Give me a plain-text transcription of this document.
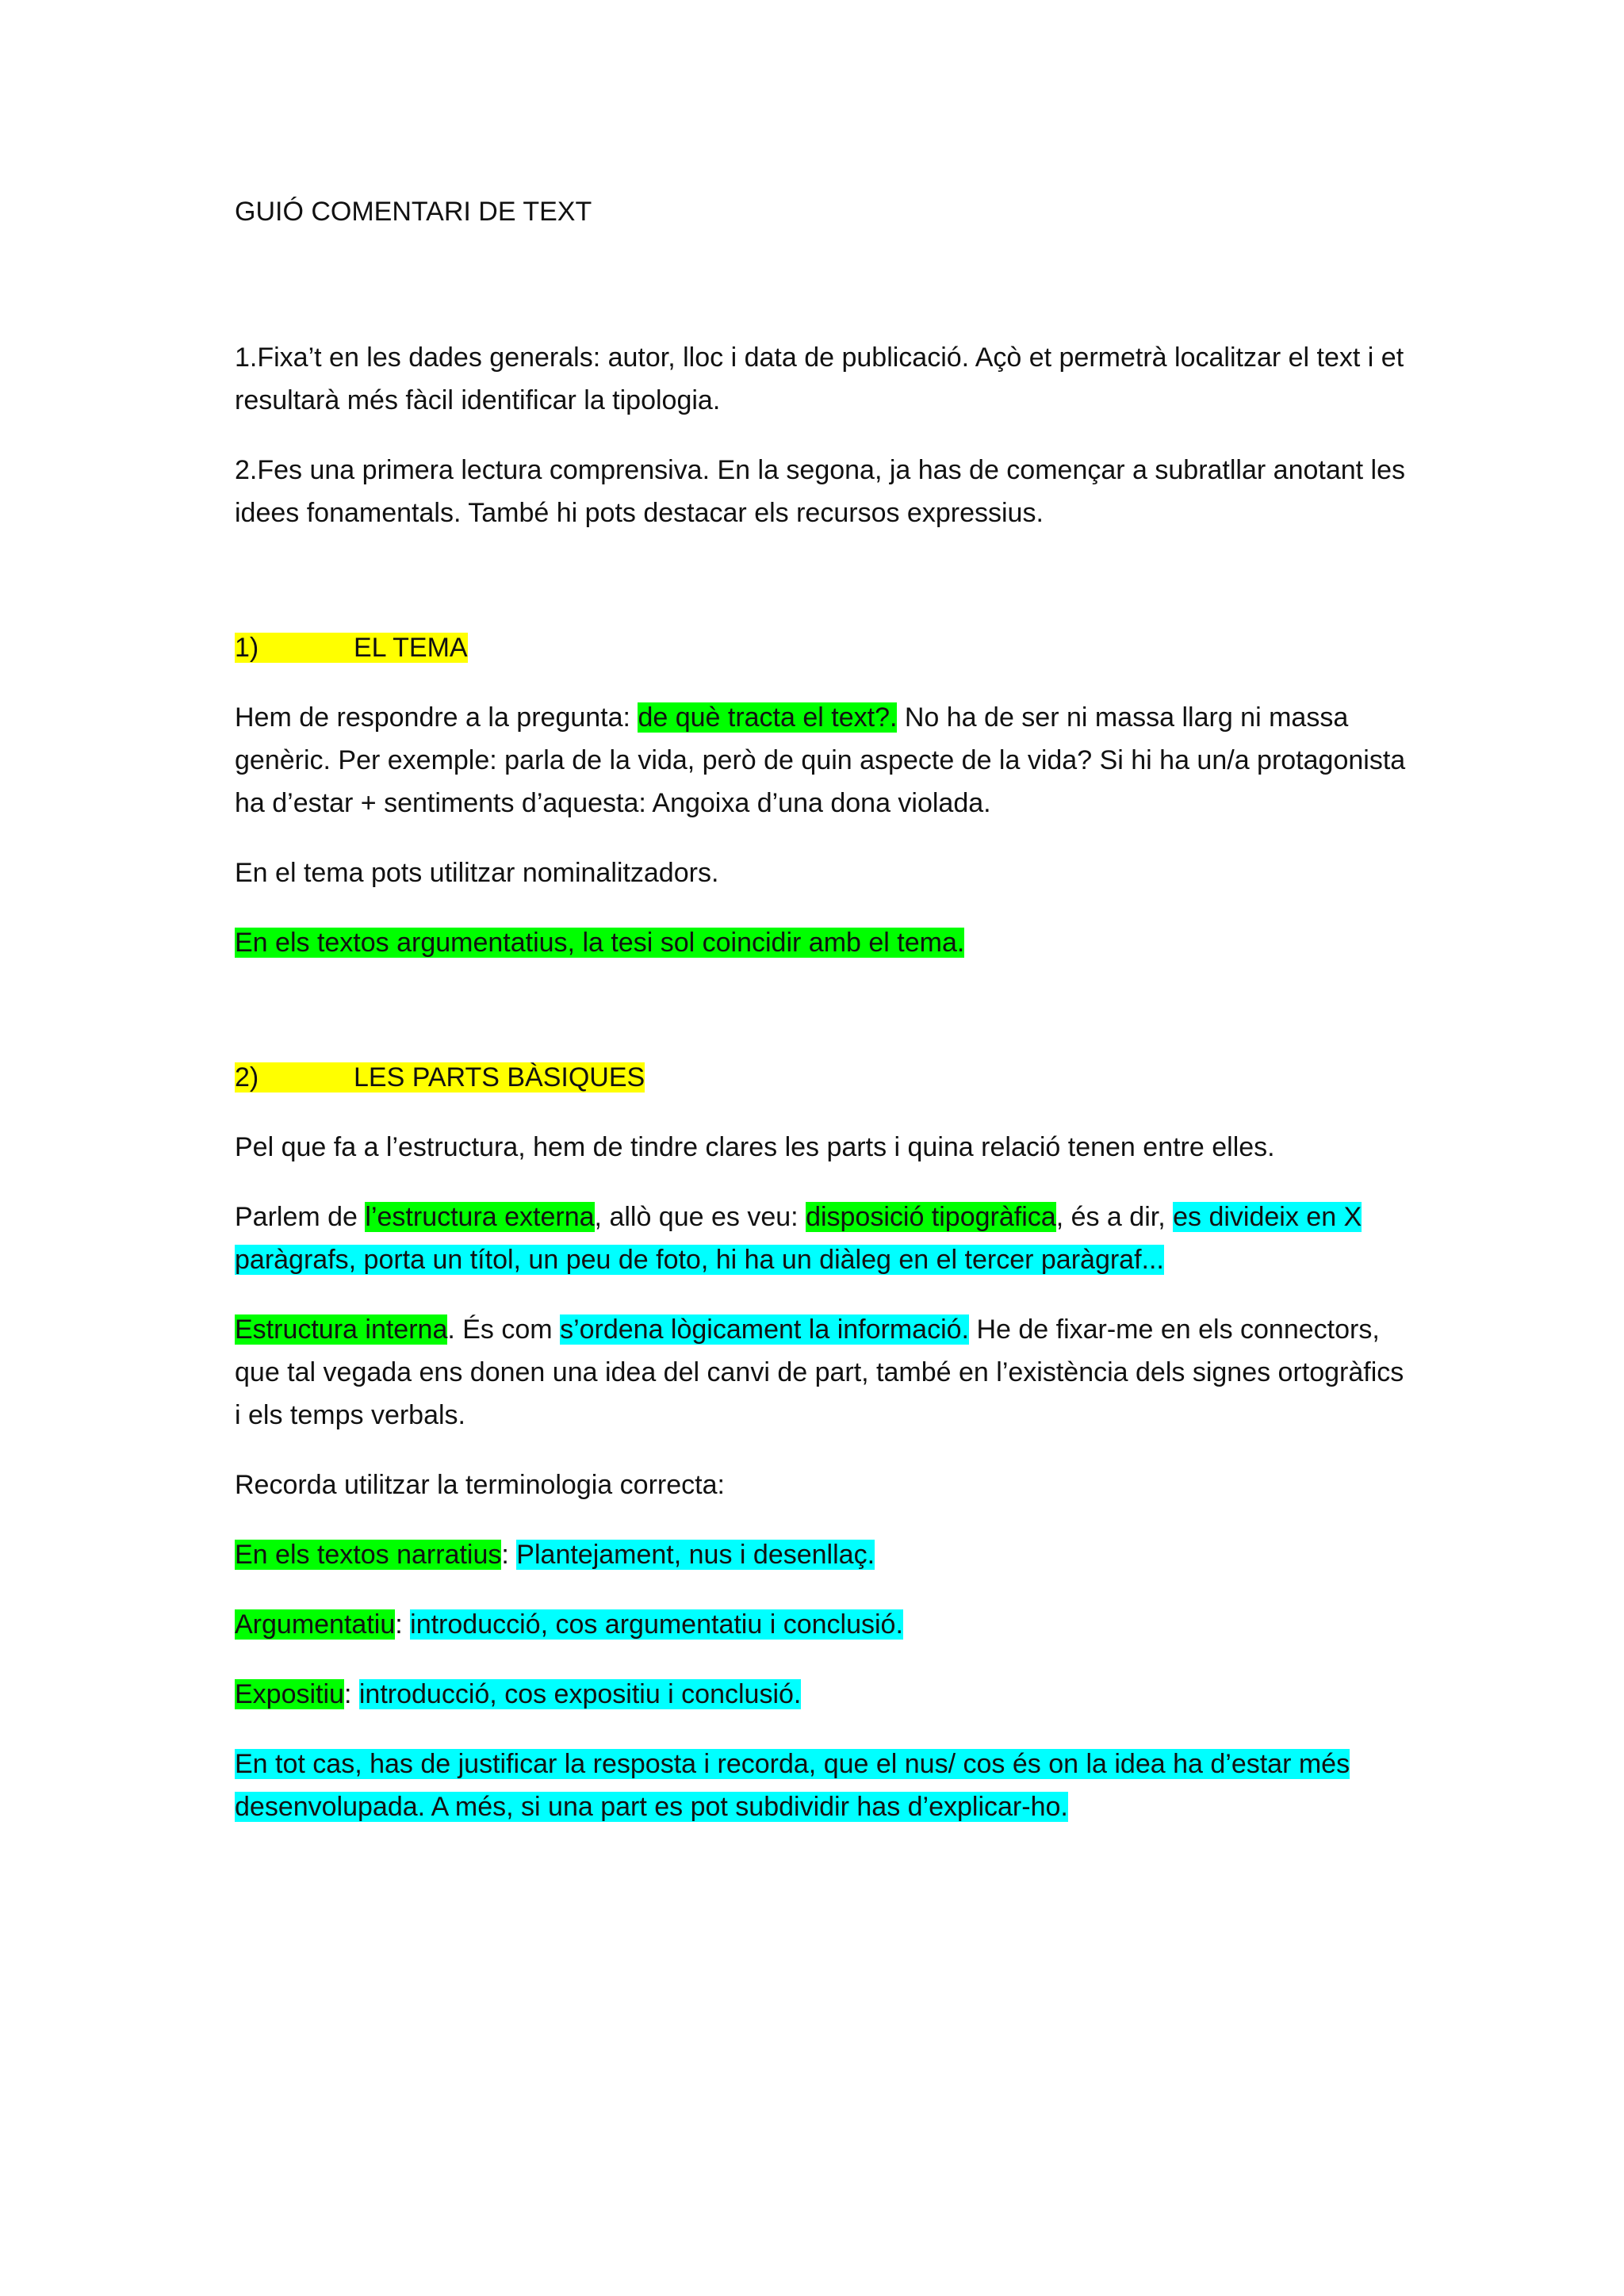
GUIÓ COMENTARI DE TEXT

1.Fixa’t en les dades generals: autor, lloc i data de publicació. Açò et permetrà localitzar el text i et resultarà més fàcil identificar la tipologia.

2.Fes una primera lectura comprensiva. En la segona, ja has de començar a subratllar anotant les idees fonamentals. També hi pots destacar els recursos expressius.

1)	EL TEMA

Hem de respondre a la pregunta: de què tracta el text?. No ha de ser ni massa llarg ni massa genèric. Per exemple: parla de la vida, però de quin aspecte de la vida? Si hi ha un/a protagonista ha d’estar + sentiments d’aquesta: Angoixa d’una dona violada.

En el tema pots utilitzar nominalitzadors.

En els textos argumentatius, la tesi sol coincidir amb el tema.

2)	LES PARTS BÀSIQUES

Pel que fa a l’estructura, hem de tindre clares les parts i quina relació tenen entre elles.

Parlem de l’estructura externa, allò que es veu: disposició tipogràfica, és a dir, es divideix en X paràgrafs, porta un títol, un peu de foto, hi ha un diàleg en el tercer paràgraf...

Estructura interna. És com s’ordena lògicament la informació. He de fixar-me en els connectors, que tal vegada ens donen una idea del canvi de part, també en l’existència dels signes ortogràfics i els temps verbals.

Recorda utilitzar la terminologia correcta:

En els textos narratius: Plantejament, nus i desenllaç.

Argumentatiu: introducció, cos argumentatiu i conclusió.

Expositiu: introducció, cos expositiu i conclusió.

En tot cas, has de justificar la resposta i recorda, que el nus/ cos és on la idea ha d’estar més desenvolupada. A més, si una part es pot subdividir has d’explicar-ho.
